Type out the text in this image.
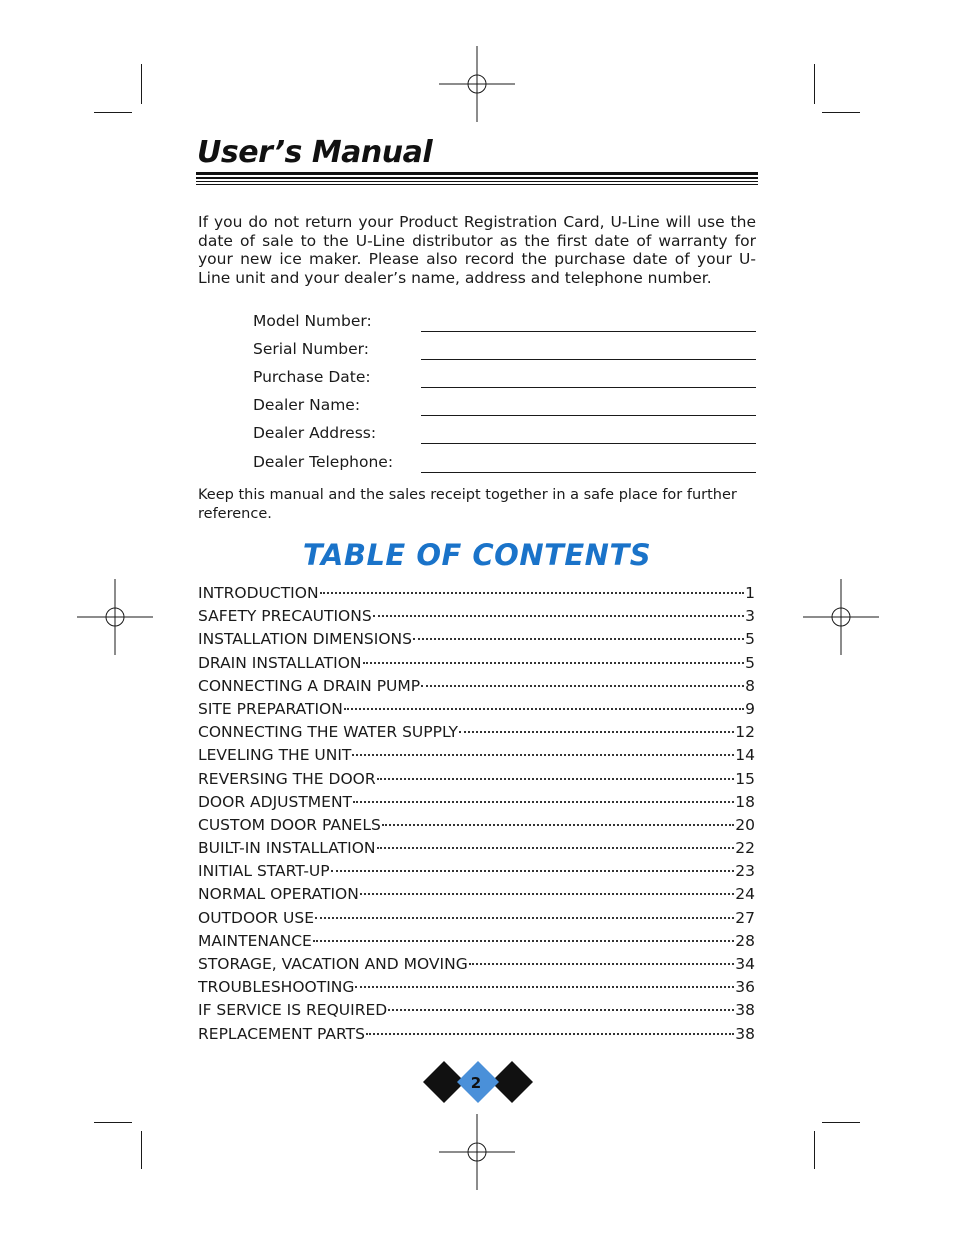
User’s Manual
If you do not return your Product Registration Card, U-Line will use the date of sale to the U-Line distributor as the first date of warranty for your new ice maker. Please also record the purchase date of your U-Line unit and your dealer’s name, address and telephone number.
Model Number:
Serial Number:
Purchase Date:
Dealer Name:
Dealer Address:
Dealer Telephone:
Keep this manual and the sales receipt together in a safe place for further reference.
TABLE OF CONTENTS
INTRODUCTION	1
SAFETY PRECAUTIONS	3
INSTALLATION DIMENSIONS	5
DRAIN INSTALLATION	5
CONNECTING A DRAIN PUMP	8
SITE PREPARATION	9
CONNECTING THE WATER SUPPLY	12
LEVELING THE UNIT	14
REVERSING THE DOOR	15
DOOR ADJUSTMENT	18
CUSTOM DOOR PANELS	20
BUILT-IN INSTALLATION	22
INITIAL START-UP	23
NORMAL OPERATION	24
OUTDOOR USE	27
MAINTENANCE	28
STORAGE, VACATION AND MOVING	34
TROUBLESHOOTING	36
IF SERVICE IS REQUIRED	38
REPLACEMENT PARTS	38
2
